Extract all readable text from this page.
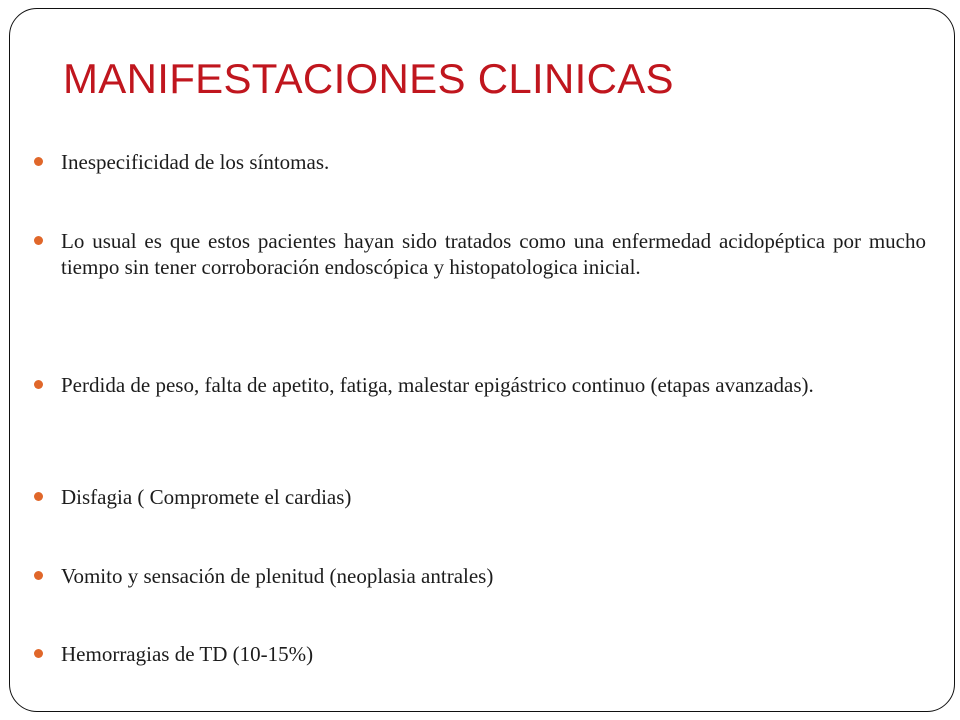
MANIFESTACIONES CLINICAS
Inespecificidad de los síntomas.
Lo usual es que estos pacientes hayan sido tratados como una enfermedad acidopéptica por mucho tiempo sin tener corroboración endoscópica y histopatologica inicial.
Perdida de peso, falta de apetito, fatiga, malestar epigástrico continuo (etapas avanzadas).
Disfagia ( Compromete el cardias)
Vomito y sensación de plenitud (neoplasia antrales)
Hemorragias de TD (10-15%)
